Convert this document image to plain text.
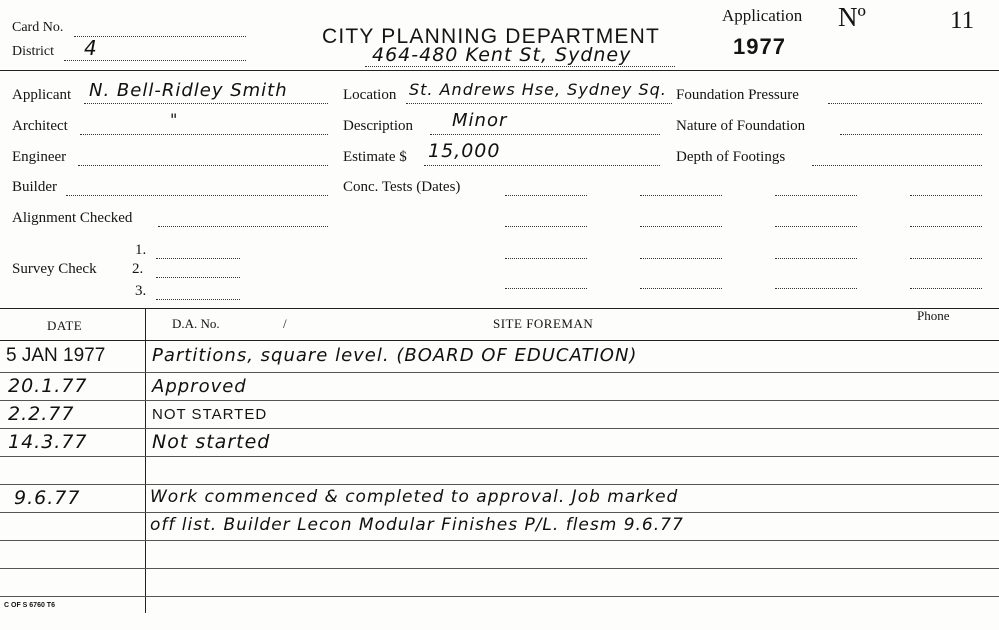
Card No.
District 4	CITY PLANNING DEPARTMENT
464-480 Kent St, Sydney
Application Nº	11
1977
Applicant N. Bell-Ridley Smith
Architect	"
Engineer
Builder
Alignment Checked
Survey Check
1.
2.
3.
Location St. Andrews Hse, Sydney Sq.
Description Minor
Estimate $ 15,000
Conc. Tests (Dates)
Foundation Pressure
Nature of Foundation
Depth of Footings
DATE	D.A. No.	/	SITE FOREMAN
Phone
5 JAN 1977	Partitions, square level. (BOARD OF EDUCATION)
20.1.77	Approved
2.2.77	NOT STARTED
14.3.77	Not started
9.6.77	Work commenced & completed to approval. Job marked
off list. Builder Lecon Modular Finishes P/L. flesm 9.6.77
C OF S 6760 T6
